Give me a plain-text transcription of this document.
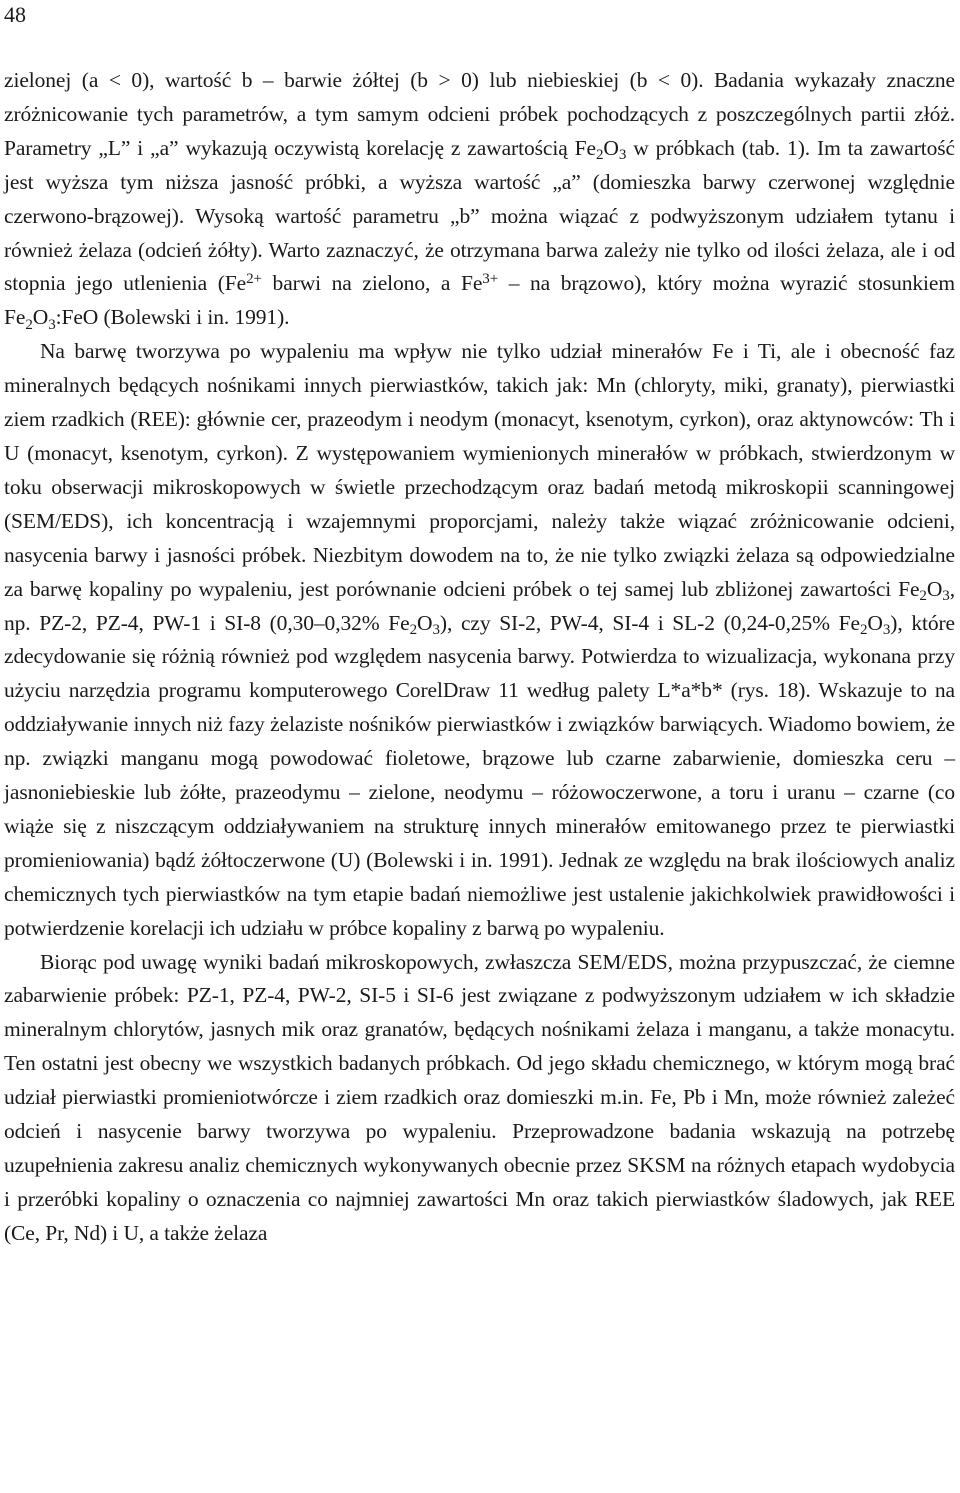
48

zielonej (a < 0), wartość b – barwie żółtej (b > 0) lub niebieskiej (b < 0). Badania wykazały znaczne zróżnicowanie tych parametrów, a tym samym odcieni próbek pochodzących z poszczególnych partii złóż. Parametry „L” i „a” wykazują oczywistą korelację z zawartością $Fe_2O_3$ w próbkach (tab. 1). Im ta zawartość jest wyższa tym niższa jasność próbki, a wyższa wartość „a” (domieszka barwy czerwonej względnie czerwono-brązowej). Wysoką wartość parametru „b” można wiązać z podwyższonym udziałem tytanu i również żelaza (odcień żółty). Warto zaznaczyć, że otrzymana barwa zależy nie tylko od ilości żelaza, ale i od stopnia jego utlenienia ($Fe^{2+}$ barwi na zielono, a $Fe^{3+}$ – na brązowo), który można wyrazić stosunkiem $Fe_2O_3:FeO$ (Bolewski i in. 1991).

Na barwę tworzywa po wypaleniu ma wpływ nie tylko udział minerałów Fe i Ti, ale i obecność faz mineralnych będących nośnikami innych pierwiastków, takich jak: Mn (chloryty, miki, granaty), pierwiastki ziem rzadkich (REE): głównie cer, prazeodym i neodym (monacyt, ksenotym, cyrkon), oraz aktynowców: Th i U (monacyt, ksenotym, cyrkon). Z występowaniem wymienionych minerałów w próbkach, stwierdzonym w toku obserwacji mikroskopowych w świetle przechodzącym oraz badań metodą mikroskopii scanningowej (SEM/EDS), ich koncentracją i wzajemnymi proporcjami, należy także wiązać zróżnicowanie odcieni, nasycenia barwy i jasności próbek. Niezbitym dowodem na to, że nie tylko związki żelaza są odpowiedzialne za barwę kopaliny po wypaleniu, jest porównanie odcieni próbek o tej samej lub zbliżonej zawartości $Fe_2O_3$, np. PZ-2, PZ-4, PW-1 i SI-8 (0,30–0,32% $Fe_2O_3$), czy SI-2, PW-4, SI-4 i SL-2 (0,24-0,25% $Fe_2O_3$), które zdecydowanie się różnią również pod względem nasycenia barwy. Potwierdza to wizualizacja, wykonana przy użyciu narzędzia programu komputerowego CorelDraw 11 według palety L*a*b* (rys. 18). Wskazuje to na oddziaływanie innych niż fazy żelaziste nośników pierwiastków i związków barwiących. Wiadomo bowiem, że np. związki manganu mogą powodować fioletowe, brązowe lub czarne zabarwienie, domieszka ceru – jasnoniebieskie lub żółte, prazeodymu – zielone, neodymu – różowoczerwone, a toru i uranu – czarne (co wiąże się z niszczącym oddziaływaniem na strukturę innych minerałów emitowanego przez te pierwiastki promieniowania) bądź żółtoczerwone (U) (Bolewski i in. 1991). Jednak ze względu na brak ilościowych analiz chemicznych tych pierwiastków na tym etapie badań niemożliwe jest ustalenie jakichkolwiek prawidłowości i potwierdzenie korelacji ich udziału w próbce kopaliny z barwą po wypaleniu.

Biorąc pod uwagę wyniki badań mikroskopowych, zwłaszcza SEM/EDS, można przypuszczać, że ciemne zabarwienie próbek: PZ-1, PZ-4, PW-2, SI-5 i SI-6 jest związane z podwyższonym udziałem w ich składzie mineralnym chlorytów, jasnych mik oraz granatów, będących nośnikami żelaza i manganu, a także monacytu. Ten ostatni jest obecny we wszystkich badanych próbkach. Od jego składu chemicznego, w którym mogą brać udział pierwiastki promieniotwórcze i ziem rzadkich oraz domieszki m.in. Fe, Pb i Mn, może również zależeć odcień i nasycenie barwy tworzywa po wypaleniu. Przeprowadzone badania wskazują na potrzebę uzupełnienia zakresu analiz chemicznych wykonywanych obecnie przez SKSM na różnych etapach wydobycia i przeróbki kopaliny o oznaczenia co najmniej zawartości Mn oraz takich pierwiastków śladowych, jak REE (Ce, Pr, Nd) i U, a także żelaza
